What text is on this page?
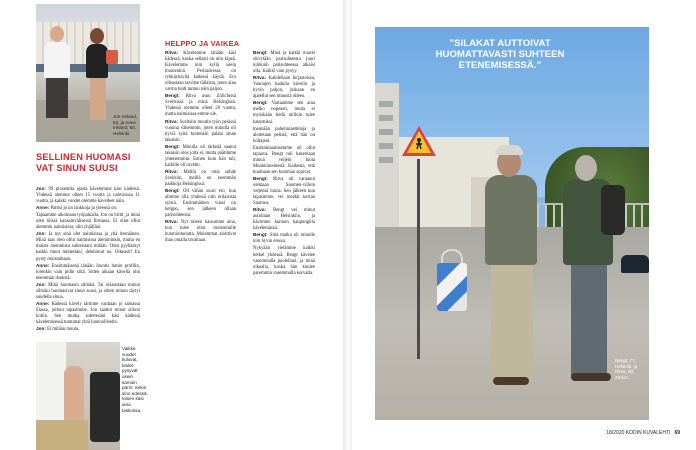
Jon Ireland, 53, ja Anne Ireland, 50, Helsinki.
SELLINEN HUOMASI VAT SINUN SUUSI

Jon: 99 prosenttia ajasta kävelemme käsi kädessä. Yhdessä olemme olleet 15 vuotta ja naimisissa 11 vuotta, ja kaikki vuodet olemme kävelleet näin.

Anne: Pattisi jo on laukkoja ja yleensä on.

Tapaamme aikoinaan työpaikalla. Jon on britti, ja minä olen töissä kansainvälisessä firmassa. Ei ollut oflut alemmin naimisissa, olin yhjälläni.

Jon: Ja nyt sinä olet naimisissa ja yhä itsenäinen. Minä taas olen ollut naimisissa aiemminkin, mutta en muista aiemmista suhteistani mitään. Olen pyyhkinyt kaikki muut mielestäni, deletoinut ne. Oikeasti! En pysty muistamaan.

Anne: Ensimmäisenä tänään Juontis lomin profilin, lorenkin vain pidin siitä. Sitten aikaan kävellä olin enemmän itsekstä.

Jon: Minä huomasin silmäsi. Tai oikeastaan minun silmäni huomasivat sinun suusi, ja sitten minun täytyi suudella sinua.

Anne: Kädessä kävely tärmme varmaan jo samassa illassa, jolloin tapasimme. Jon saattoi minut silloin kotiin. Sen mutka sidettesani käsi kädessä kävelemisessä tuntumat yhtä luonnolliselta.

Jon: Ei mitään muuta.

Vaikka vuodet kuluvat, kädet pysyvät usein samoin pärin: Sekin sino edessä, toisen käsi aina taskussa.
HELPPO JA VAIKEA

Ritva: Kävelemme tänään käsi kädessä, koska sellasit on niin kipeä. Kävelemme niin kyllä usein muutenkin. Perisatiressa on ryhkäyksyllä kädessä käydä. Ero olleastaan tarvitse tällaista, joten aina varma tunti tuntuu näin paljon.

Bengt: Ritva asuu Zürichissä Sveitsissä ja minä Helsingissä. Yhdessä olemme olleet 20 vuotta, mutta naimisissa emme ole.

Ritva: Sveitsiin muutin työn perässä vuonna vähemmin, joten minulla oli hyviä syitä kuitenkin palata sinne takaisin.

Bengt: Minulla oli tärkeää saanut takaisin ulos jotta ei, mutta päätimme yhteisemmin. Ennen kuin hän tuli, kaikille oli ruvettu.

Ritva: Meillä on oma suhde Sveitsiin, meillä on enemmän paikkoja Helsingissä.

Bengt: Oli vähän suuri ero, kun alimme olla yhdessä niin erilaisista syistä. Ensimmäinen vuosi on helppo, sen jälkeen ollaan parisuhteessa.

Ritva: Nyt tuleen kaisumme aina, kun tulee ollut molemmille huomioitunutta. Molemmat aloittivat ihan omalla tavallaan.

Bengt: Minä ja kaikki nuoret siirrytään parisuhteesta juuri niinkuin parisuhteessa alkaisi olla. Kaikki vain pysyy.

Ritva: Kahdellaan kirjastoissa, Vaunujen kadulla kävelin ja hyvin paljon, joskaan en ajatellut sen minusta olleen.

Bengt: Vastaamme sen aina melko nopeasti, mutta ei myöskään tiedä milloin tulee katsotuksi.

mennään puheliniaetteloja ja aloitetaan pelistä, että hän on hoitajeni.

Ensikohtaamisemme oli ollut tapaava. Bengt tuli hakemaan minua veljeni luota Munkkiniemestä. Kaikesta, että huomaan sen kumman sopivat.

Bengt: Ritva oli varaanut olemaan Suomen-villoin veljensä luona. Sen jälkeen kun tapasimme, vei meidät kerran Suomea.

Ritva: Bengt vei minut autollaan Helsinkiin, ja kävimme kunnon kaupungilla kävelemässä.

Bengt: Sinä matka oli minulle niin hyvin elossa.

Nykyään vietämme kaikki hetket yhdessä. Bengt kävelee vasemmalla puolellani, ja minä oikealla, koska hän kuulee paremmin vasemmalla korvalla.

”SILAKAT AUTTOIVAT HUOMATTAVASTI SUHTEEN ETENEMISESSÄ.”
Bengt, 77, Helsinki, ja Ritva, 80, Zürich.
18/2020 KODIN KUVALEHTI 69
